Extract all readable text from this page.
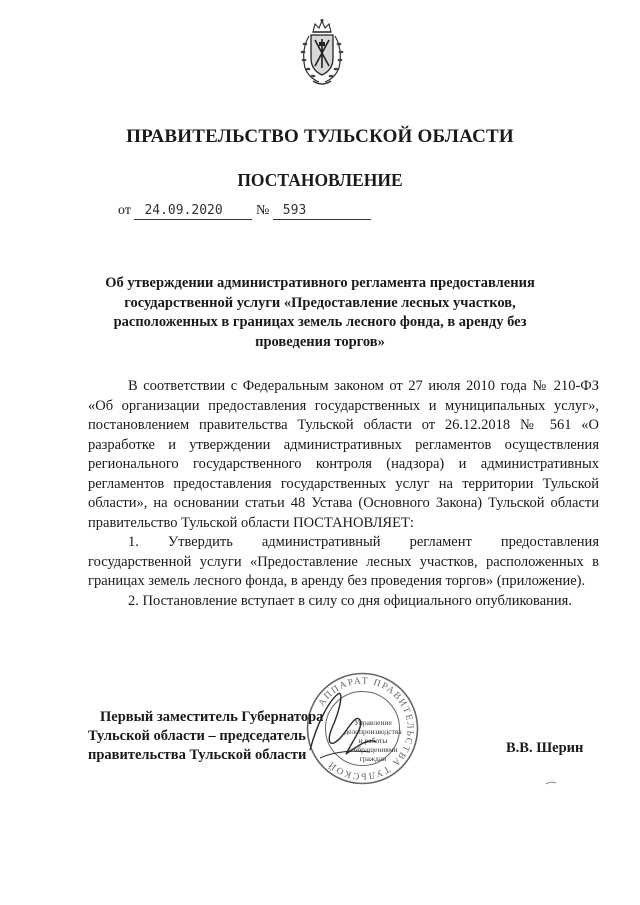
ПРАВИТЕЛЬСТВО ТУЛЬСКОЙ ОБЛАСТИ
ПОСТАНОВЛЕНИЕ
от 24.09.2020 № 593
Об утверждении административного регламента предоставления государственной услуги «Предоставление лесных участков, расположенных в границах земель лесного фонда, в аренду без проведения торгов»

В соответствии с Федеральным законом от 27 июля 2010 года № 210-ФЗ «Об организации предоставления государственных и муниципальных услуг», постановлением правительства Тульской области от 26.12.2018 № 561 «О разработке и утверждении административных регламентов осуществления регионального государственного контроля (надзора) и административных регламентов предоставления государственных услуг на территории Тульской области», на основании статьи 48 Устава (Основного Закона) Тульской области правительство Тульской области ПОСТАНОВЛЯЕТ:

1. Утвердить административный регламент предоставления государственной услуги «Предоставление лесных участков, расположенных в границах земель лесного фонда, в аренду без проведения торгов» (приложение).

2. Постановление вступает в силу со дня официального опубликования.

АППАРАТ ПРАВИТЕЛЬСТВА ТУЛЬСКОЙ
Управление
делопроизводства
и работы
с обращениями
граждан
Первый заместитель Губернатора
Тульской области – председатель
правительства Тульской области	В.В. Шерин
